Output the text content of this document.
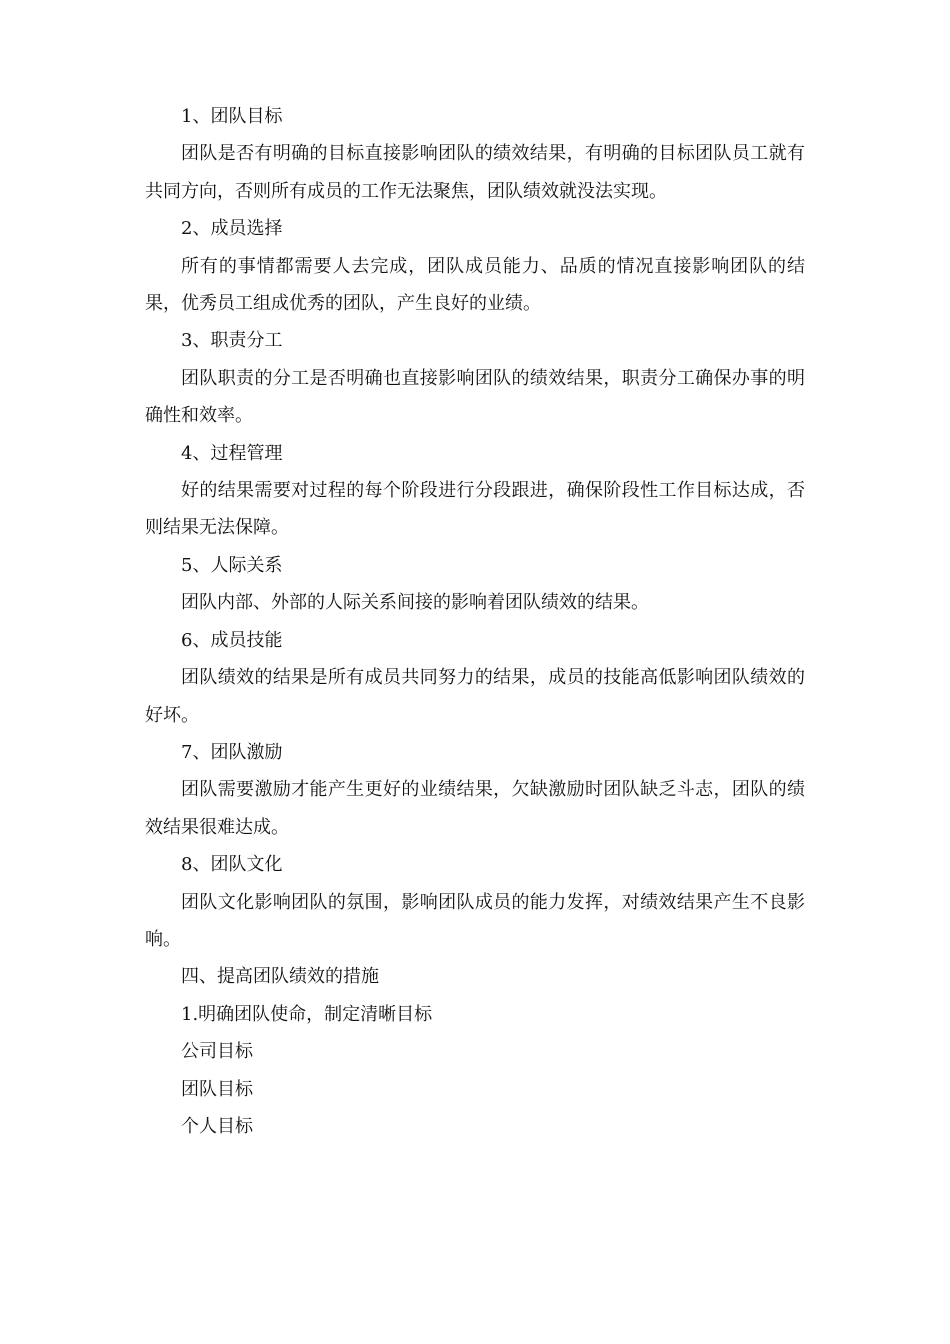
1、团队目标

团队是否有明确的目标直接影响团队的绩效结果，有明确的目标团队员工就有共同方向，否则所有成员的工作无法聚焦，团队绩效就没法实现。

2、成员选择

所有的事情都需要人去完成，团队成员能力、品质的情况直接影响团队的结果，优秀员工组成优秀的团队，产生良好的业绩。

3、职责分工

团队职责的分工是否明确也直接影响团队的绩效结果，职责分工确保办事的明确性和效率。

4、过程管理

好的结果需要对过程的每个阶段进行分段跟进，确保阶段性工作目标达成，否则结果无法保障。

5、人际关系

团队内部、外部的人际关系间接的影响着团队绩效的结果。

6、成员技能

团队绩效的结果是所有成员共同努力的结果，成员的技能高低影响团队绩效的好坏。

7、团队激励

团队需要激励才能产生更好的业绩结果，欠缺激励时团队缺乏斗志，团队的绩效结果很难达成。

8、团队文化

团队文化影响团队的氛围，影响团队成员的能力发挥，对绩效结果产生不良影响。

四、提高团队绩效的措施

1.明确团队使命，制定清晰目标

公司目标

团队目标

个人目标
